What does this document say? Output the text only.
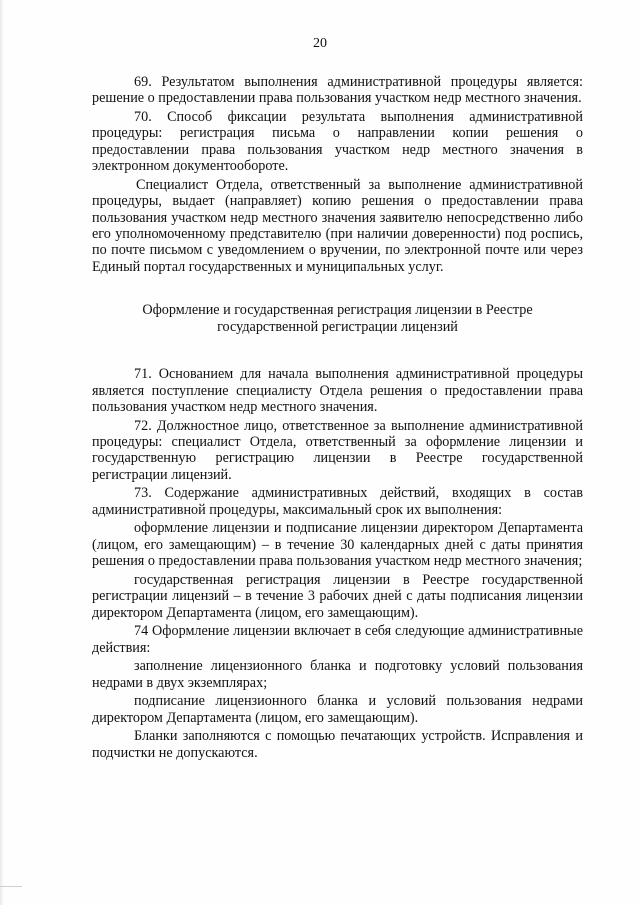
20

69. Результатом выполнения административной процедуры является: решение о предоставлении права пользования участком недр местного значения.

70. Способ фиксации результата выполнения административной процедуры: регистрация письма о направлении копии решения о предоставлении права пользования участком недр местного значения в электронном документообороте.

Специалист Отдела, ответственный за выполнение административной процедуры, выдает (направляет) копию решения о предоставлении права пользования участком недр местного значения заявителю непосредственно либо его уполномоченному представителю (при наличии доверенности) под роспись, по почте письмом с уведомлением о вручении, по электронной почте или через Единый портал государственных и муниципальных услуг.

Оформление и государственная регистрация лицензии в Реестре
государственной регистрации лицензий

71. Основанием для начала выполнения административной процедуры является поступление специалисту Отдела решения о предоставлении права пользования участком недр местного значения.

72. Должностное лицо, ответственное за выполнение административной процедуры: специалист Отдела, ответственный за оформление лицензии и государственную регистрацию лицензии в Реестре государственной регистрации лицензий.

73. Содержание административных действий, входящих в состав административной процедуры, максимальный срок их выполнения:

оформление лицензии и подписание лицензии директором Департамента (лицом, его замещающим) – в течение 30 календарных дней с даты принятия решения о предоставлении права пользования участком недр местного значения;

государственная регистрация лицензии в Реестре государственной регистрации лицензий – в течение 3 рабочих дней с даты подписания лицензии директором Департамента (лицом, его замещающим).

74 Оформление лицензии включает в себя следующие административные действия:

заполнение лицензионного бланка и подготовку условий пользования недрами в двух экземплярах;

подписание лицензионного бланка и условий пользования недрами директором Департамента (лицом, его замещающим).

Бланки заполняются с помощью печатающих устройств. Исправления и подчистки не допускаются.
